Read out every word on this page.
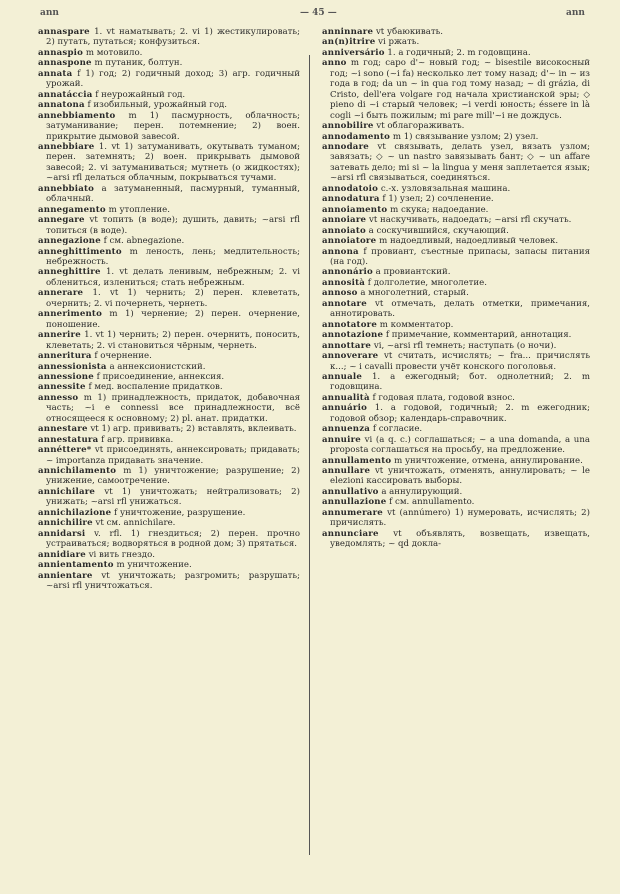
ann	— 45 —	ann

annaspare 1. vt наматывать; 2. vi 1) жестикулировать; 2) путать, путаться; конфузиться.

annaspio m мотовило.

annaspone m путаник, болтун.

annata f 1) год; 2) годичный доход; 3) агр. годичный урожай.

annatáccia f неурожайный год.

annatona f изобильный, урожайный год.

annebbiamento m 1) пасмурность, облачность; затуманивание; перен. потемнение; 2) воен. прикрытие дымовой завесой.

annebbiare 1. vt 1) затуманивать, окутывать туманом; перен. затемнять; 2) воен. прикрывать дымовой завесой; 2. vi затуманиваться; мутнеть (о жидкостях); ~arsi rfl делаться облачным, покрываться тучами.

annebbiato a затуманенный, пасмурный, туманный, облачный.

annegamento m утопление.

annegare vt топить (в воде); душить, давить; ~arsi rfl топиться (в воде).

annegazione f см. abnegazione.

anneghittimento m леность, лень; медлительность; небрежность.

anneghittire 1. vt делать ленивым, небрежным; 2. vi облениться, излениться; стать небрежным.

annerare 1. vt 1) чернить; 2) перен. клеветать, очернить; 2. vi почернеть, чернеть.

annerimento m 1) чернение; 2) перен. очернение, поношение.

annerire 1. vt 1) чернить; 2) перен. очернить, поносить, клеветать; 2. vi становиться чёрным, чернеть.

anneritura f очернение.

annessionista a аннексионистский.

annessione f присоединение, аннексия.

annessite f мед. воспаление придатков.

annesso m 1) принадлежность, придаток, добавочная часть; ~i e connessi все принадлежности, всё относящееся к основному; 2) pl. анат. придатки.

annestare vt 1) агр. прививать; 2) вставлять, вклеивать.

annestatura f агр. прививка.

annéttere* vt присоединять, аннексировать; придавать; ~ importanza придавать значение.

annichilamento m 1) уничтожение; разрушение; 2) унижение, самоотречение.

annichilare vt 1) уничтожать; нейтрализовать; 2) унижать; ~arsi rfl унижаться.

annichilazione f уничтожение, разрушение.

annichilire vt см. annichilare.

annidarsi v. rfl. 1) гнездиться; 2) перен. прочно устраиваться; водворяться в родной дом; 3) прятаться.

annidiare vi вить гнездо.

annientamento m уничтожение.

annientare vt уничтожать; разгромить; разрушать; ~arsi rfl уничтожаться.

anninnare vt убаюкивать.

an(n)itrire vi ржать.

anniversário 1. a годичный; 2. m годовщина.

anno m год; capo d'~ новый год; ~ bisestile високосный год; ~i sono (~i fa) несколько лет тому назад; d'~ in ~ из года в год; da un ~ in qua год тому назад; ~ di grázia, di Cristo, dell'era volgare год начала христианской эры; ◇ pieno di ~i старый человек; ~i verdi юность; éssere in là cogli ~i быть пожилым; mi pare mill'~i не дождусь.

annobilire vt облагораживать.

annodamento m 1) связывание узлом; 2) узел.

annodare vt связывать, делать узел, вязать узлом; завязать; ◇ ~ un nastro завязывать бант; ◇ ~ un affare затевать дело; mi si ~ la lingua у меня заплетается язык; ~arsi rfl связываться, соединяться.

annodatoio с.-х. узловязальная машина.

annodatura f 1) узел; 2) сочленение.

annoiamento m скука; надоедание.

annoiare vt наскучивать, надоедать; ~arsi rfl скучать.

annoiato a соскучившийся, скучающий.

annoiatore m надоедливый, надоедливый человек.

annona f провиант, съестные припасы, запасы питания (на год).

annonário a провиантский.

annosità f долголетие, многолетие.

annoso a многолетний, старый.

annotare vt отмечать, делать отметки, примечания, аннотировать.

annotatore m комментатор.

annotazione f примечание, комментарий, аннотация.

annottare vi, ~arsi rfl темнеть; наступать (о ночи).

annoverare vt считать, исчислять; ~ fra... причислять к...; ~ i cavalli провести учёт конского поголовья.

annuale 1. a ежегодный; бот. однолетний; 2. m годовщина.

annualità f годовая плата, годовой взнос.

annuário 1. a годовой, годичный; 2. m ежегодник; годовой обзор; календарь-справочник.

annuenza f согласие.

annuire vi (a q. c.) соглашаться; ~ a una domanda, a una proposta соглашаться на просьбу, на предложение.

annullamento m уничтожение, отмена, аннулирование.

annullare vt уничтожать, отменять, аннулировать; ~ le elezioni кассировать выборы.

annullativo a аннулирующий.

annullazione f см. annullamento.

annumerare vt (annúmero) 1) нумеровать, исчислять; 2) причислять.

annunciare vt объявлять, возвещать, извещать, уведомлять; ~ qd докла-
